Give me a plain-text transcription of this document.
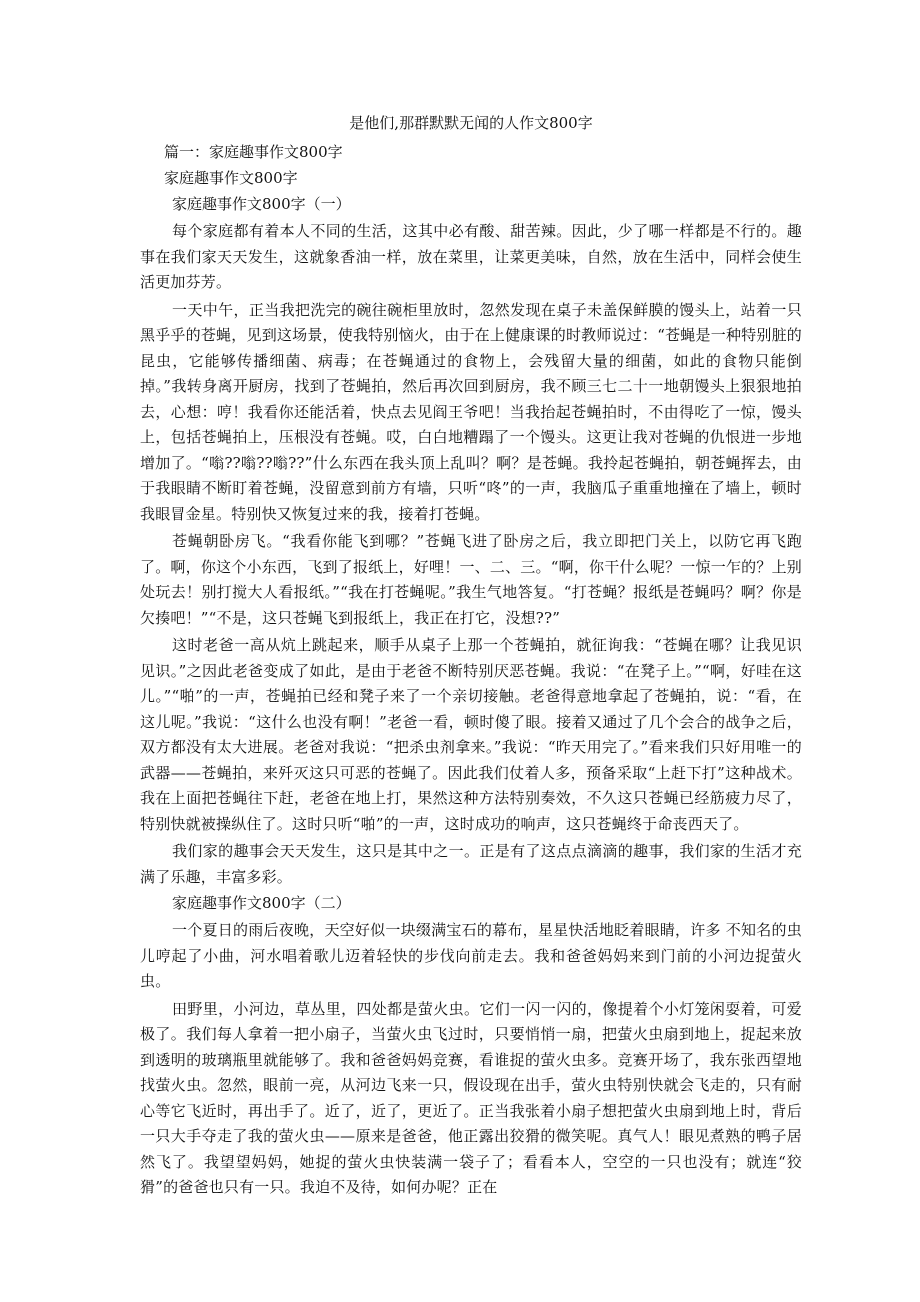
是他们,那群默默无闻的人作文800字
篇一：家庭趣事作文800字
家庭趣事作文800字
家庭趣事作文800字（一）

每个家庭都有着本人不同的生活，这其中必有酸、甜苦辣。因此，少了哪一样都是不行的。趣事在我们家天天发生，这就象香油一样，放在菜里，让菜更美味，自然，放在生活中，同样会使生活更加芬芳。

一天中午，正当我把洗完的碗往碗柜里放时，忽然发现在桌子未盖保鲜膜的馒头上，站着一只黑乎乎的苍蝇，见到这场景，使我特别恼火，由于在上健康课的时教师说过：“苍蝇是一种特别脏的昆虫，它能够传播细菌、病毒；在苍蝇通过的食物上，会残留大量的细菌，如此的食物只能倒掉。”我转身离开厨房，找到了苍蝇拍，然后再次回到厨房，我不顾三七二十一地朝馒头上狠狠地拍去，心想：哼！我看你还能活着，快点去见阎王爷吧！当我抬起苍蝇拍时，不由得吃了一惊，馒头上，包括苍蝇拍上，压根没有苍蝇。哎，白白地糟蹋了一个馒头。这更让我对苍蝇的仇恨进一步地增加了。“嗡??嗡??嗡??”什么东西在我头顶上乱叫？啊？是苍蝇。我拎起苍蝇拍，朝苍蝇挥去，由于我眼睛不断盯着苍蝇，没留意到前方有墙，只听“咚”的一声，我脑瓜子重重地撞在了墙上，顿时我眼冒金星。特别快又恢复过来的我，接着打苍蝇。

苍蝇朝卧房飞。“我看你能飞到哪？”苍蝇飞进了卧房之后，我立即把门关上，以防它再飞跑了。啊，你这个小东西，飞到了报纸上，好哩！一、二、三。“啊，你干什么呢？一惊一乍的？上别处玩去！别打搅大人看报纸。”“我在打苍蝇呢。”我生气地答复。“打苍蝇？报纸是苍蝇吗？啊？你是欠揍吧！”“不是，这只苍蝇飞到报纸上，我正在打它，没想??”

这时老爸一高从炕上跳起来，顺手从桌子上那一个苍蝇拍，就征询我：“苍蝇在哪？让我见识见识。”之因此老爸变成了如此，是由于老爸不断特别厌恶苍蝇。我说：“在凳子上。”“啊，好哇在这儿。”“啪”的一声，苍蝇拍已经和凳子来了一个亲切接触。老爸得意地拿起了苍蝇拍，说：“看，在这儿呢。”我说：“这什么也没有啊！”老爸一看，顿时傻了眼。接着又通过了几个会合的战争之后，双方都没有太大进展。老爸对我说：“把杀虫剂拿来。”我说：“昨天用完了。”看来我们只好用唯一的武器——苍蝇拍，来歼灭这只可恶的苍蝇了。因此我们仗着人多，预备采取“上赶下打”这种战术。我在上面把苍蝇往下赶，老爸在地上打，果然这种方法特别奏效，不久这只苍蝇已经筋疲力尽了，特别快就被操纵住了。这时只听“啪”的一声，这时成功的响声，这只苍蝇终于命丧西天了。

我们家的趣事会天天发生，这只是其中之一。正是有了这点点滴滴的趣事，我们家的生活才充满了乐趣，丰富多彩。

家庭趣事作文800字（二）

一个夏日的雨后夜晚，天空好似一块缀满宝石的幕布，星星快活地眨着眼睛，许多 不知名的虫儿哼起了小曲，河水唱着歌儿迈着轻快的步伐向前走去。我和爸爸妈妈来到门前的小河边捉萤火虫。

田野里，小河边，草丛里，四处都是萤火虫。它们一闪一闪的，像提着个小灯笼闲耍着，可爱极了。我们每人拿着一把小扇子，当萤火虫飞过时，只要悄悄一扇，把萤火虫扇到地上，捉起来放到透明的玻璃瓶里就能够了。我和爸爸妈妈竞赛，看谁捉的萤火虫多。竞赛开场了，我东张西望地找萤火虫。忽然，眼前一亮，从河边飞来一只，假设现在出手，萤火虫特别快就会飞走的，只有耐心等它飞近时，再出手了。近了，近了，更近了。正当我张着小扇子想把萤火虫扇到地上时，背后一只大手夺走了我的萤火虫——原来是爸爸，他正露出狡猾的微笑呢。真气人！眼见煮熟的鸭子居然飞了。我望望妈妈，她捉的萤火虫快装满一袋子了；看看本人，空空的一只也没有；就连“狡猾”的爸爸也只有一只。我迫不及待，如何办呢？正在
